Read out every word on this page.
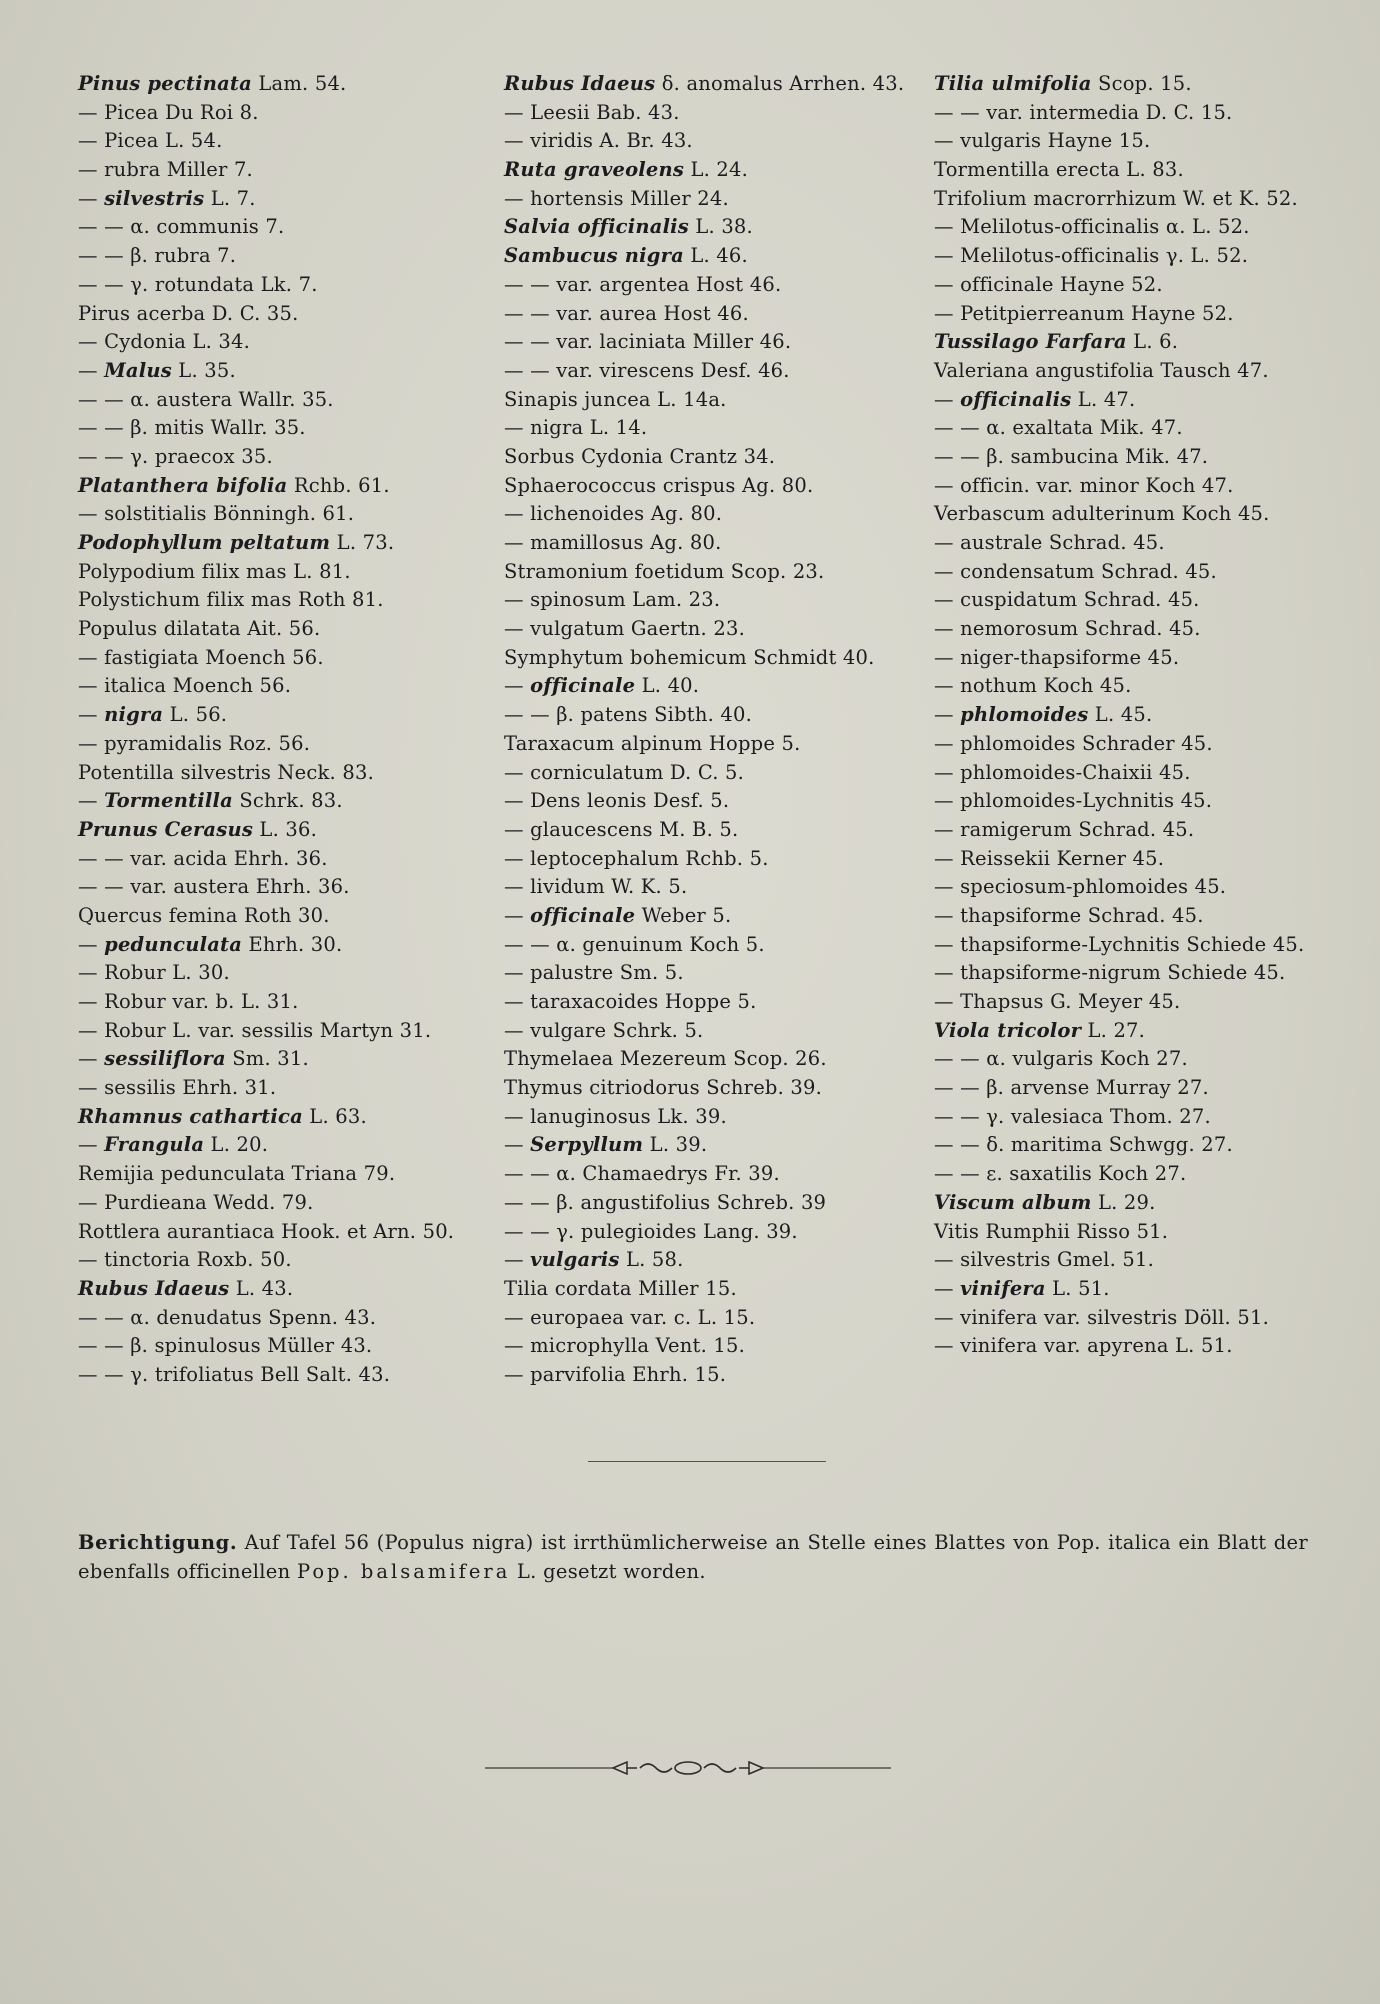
Pinus pectinata Lam. 54.
— Picea Du Roi 8.
— Picea L. 54.
— rubra Miller 7.
— silvestris L. 7.
— — α. communis 7.
— — β. rubra 7.
— — γ. rotundata Lk. 7.
Pirus acerba D. C. 35.
— Cydonia L. 34.
— Malus L. 35.
— — α. austera Wallr. 35.
— — β. mitis Wallr. 35.
— — γ. praecox 35.
Platanthera bifolia Rchb. 61.
— solstitialis Bönningh. 61.
Podophyllum peltatum L. 73.
Polypodium filix mas L. 81.
Polystichum filix mas Roth 81.
Populus dilatata Ait. 56.
— fastigiata Moench 56.
— italica Moench 56.
— nigra L. 56.
— pyramidalis Roz. 56.
Potentilla silvestris Neck. 83.
— Tormentilla Schrk. 83.
Prunus Cerasus L. 36.
— — var. acida Ehrh. 36.
— — var. austera Ehrh. 36.
Quercus femina Roth 30.
— pedunculata Ehrh. 30.
— Robur L. 30.
— Robur var. b. L. 31.
— Robur L. var. sessilis Martyn 31.
— sessiliflora Sm. 31.
— sessilis Ehrh. 31.
Rhamnus cathartica L. 63.
— Frangula L. 20.
Remijia pedunculata Triana 79.
— Purdieana Wedd. 79.
Rottlera aurantiaca Hook. et Arn. 50.
— tinctoria Roxb. 50.
Rubus Idaeus L. 43.
— — α. denudatus Spenn. 43.
— — β. spinulosus Müller 43.
— — γ. trifoliatus Bell Salt. 43.
Rubus Idaeus δ. anomalus Arrhen. 43.
— Leesii Bab. 43.
— viridis A. Br. 43.
Ruta graveolens L. 24.
— hortensis Miller 24.
Salvia officinalis L. 38.
Sambucus nigra L. 46.
— — var. argentea Host 46.
— — var. aurea Host 46.
— — var. laciniata Miller 46.
— — var. virescens Desf. 46.
Sinapis juncea L. 14a.
— nigra L. 14.
Sorbus Cydonia Crantz 34.
Sphaerococcus crispus Ag. 80.
— lichenoides Ag. 80.
— mamillosus Ag. 80.
Stramonium foetidum Scop. 23.
— spinosum Lam. 23.
— vulgatum Gaertn. 23.
Symphytum bohemicum Schmidt 40.
— officinale L. 40.
— — β. patens Sibth. 40.
Taraxacum alpinum Hoppe 5.
— corniculatum D. C. 5.
— Dens leonis Desf. 5.
— glaucescens M. B. 5.
— leptocephalum Rchb. 5.
— lividum W. K. 5.
— officinale Weber 5.
— — α. genuinum Koch 5.
— palustre Sm. 5.
— taraxacoides Hoppe 5.
— vulgare Schrk. 5.
Thymelaea Mezereum Scop. 26.
Thymus citriodorus Schreb. 39.
— lanuginosus Lk. 39.
— Serpyllum L. 39.
— — α. Chamaedrys Fr. 39.
— — β. angustifolius Schreb. 39
— — γ. pulegioides Lang. 39.
— vulgaris L. 58.
Tilia cordata Miller 15.
— europaea var. c. L. 15.
— microphylla Vent. 15.
— parvifolia Ehrh. 15.
Tilia ulmifolia Scop. 15.
— — var. intermedia D. C. 15.
— vulgaris Hayne 15.
Tormentilla erecta L. 83.
Trifolium macrorrhizum W. et K. 52.
— Melilotus-officinalis α. L. 52.
— Melilotus-officinalis γ. L. 52.
— officinale Hayne 52.
— Petitpierreanum Hayne 52.
Tussilago Farfara L. 6.
Valeriana angustifolia Tausch 47.
— officinalis L. 47.
— — α. exaltata Mik. 47.
— — β. sambucina Mik. 47.
— officin. var. minor Koch 47.
Verbascum adulterinum Koch 45.
— australe Schrad. 45.
— condensatum Schrad. 45.
— cuspidatum Schrad. 45.
— nemorosum Schrad. 45.
— niger-thapsiforme 45.
— nothum Koch 45.
— phlomoides L. 45.
— phlomoides Schrader 45.
— phlomoides-Chaixii 45.
— phlomoides-Lychnitis 45.
— ramigerum Schrad. 45.
— Reissekii Kerner 45.
— speciosum-phlomoides 45.
— thapsiforme Schrad. 45.
— thapsiforme-Lychnitis Schiede 45.
— thapsiforme-nigrum Schiede 45.
— Thapsus G. Meyer 45.
Viola tricolor L. 27.
— — α. vulgaris Koch 27.
— — β. arvense Murray 27.
— — γ. valesiaca Thom. 27.
— — δ. maritima Schwgg. 27.
— — ε. saxatilis Koch 27.
Viscum album L. 29.
Vitis Rumphii Risso 51.
— silvestris Gmel. 51.
— vinifera L. 51.
— vinifera var. silvestris Döll. 51.
— vinifera var. apyrena L. 51.
Berichtigung. Auf Tafel 56 (Populus nigra) ist irrthümlicherweise an Stelle eines Blattes von Pop. italica ein Blatt der ebenfalls officinellen Pop. balsamifera L. gesetzt worden.
